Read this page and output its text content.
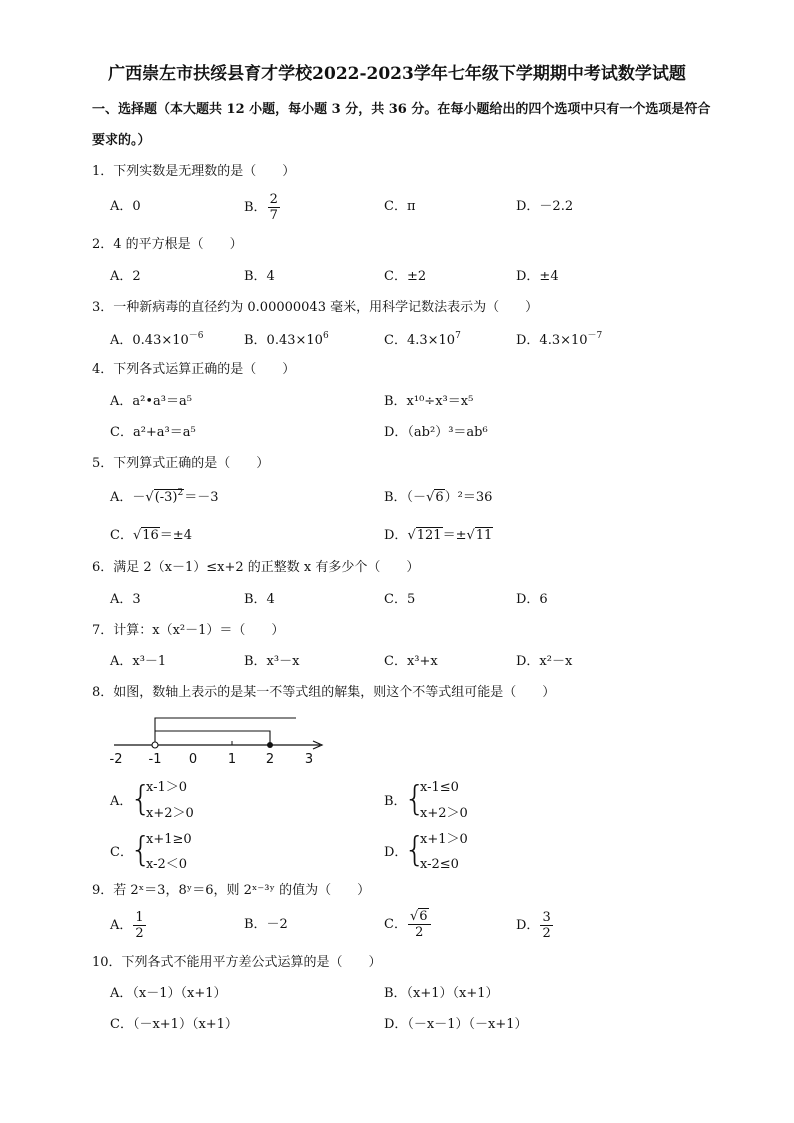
广西崇左市扶绥县育才学校2022-2023学年七年级下学期期中考试数学试题
一、选择题（本大题共 12 小题，每小题 3 分，共 36 分。在每小题给出的四个选项中只有一个选项是符合
要求的。）
1．下列实数是无理数的是（　　）
A．0	B． $\frac{2}{7}$	C．π	D．－2.2
2．4 的平方根是（　　）
A．2	B．4	C．±2	D．±4
3．一种新病毒的直径约为 0.00000043 毫米，用科学记数法表示为（　　）
A．$0.43\times 10^{-6}$	B．$0.43\times 10^6$	C．$4.3\times 10^7$	D．$4.3\times 10^{-7}$
4．下列各式运算正确的是（　　）
A．a²•a³＝a⁵	B．x¹⁰÷x³＝x⁵
C．a²+a³＝a⁵	D．（ab²）³＝ab⁶
5．下列算式正确的是（　　）
A．$-√(-3)^2=-3$	B．（－√6）²＝36
C．√16＝±4	D．√121＝±√11
6．满足 2（x－1）≤x+2 的正整数 x 有多少个（　　）
A．3	B．4	C．5	D．6
7．计算：x（x²－1）＝（　　）
A．x³－1	B．x³－x	C．x³+x	D．x²－x
8．如图，数轴上表示的是某一不等式组的解集，则这个不等式组可能是（　　）
-2 -1 0 1 2 3
A．
{
x-1＞0
x+2＞0
B．
{
x-1≤0
x+2＞0
C．
{
x+1≥0
x-2＜0
D．
{
x+1＞0
x-2≤0
9．若 2ˣ＝3，8ʸ＝6，则 2ˣ⁻³ʸ 的值为（　　）
A． $\frac{1}{2}$	B．－2	C． $\frac{√6}{2}$	D． $\frac{3}{2}$
10．下列各式不能用平方差公式运算的是（　　）
A．（x－1）（x+1）	B．（x+1）（x+1）
C．（－x+1）（x+1）	D．（－x－1）（－x+1）
